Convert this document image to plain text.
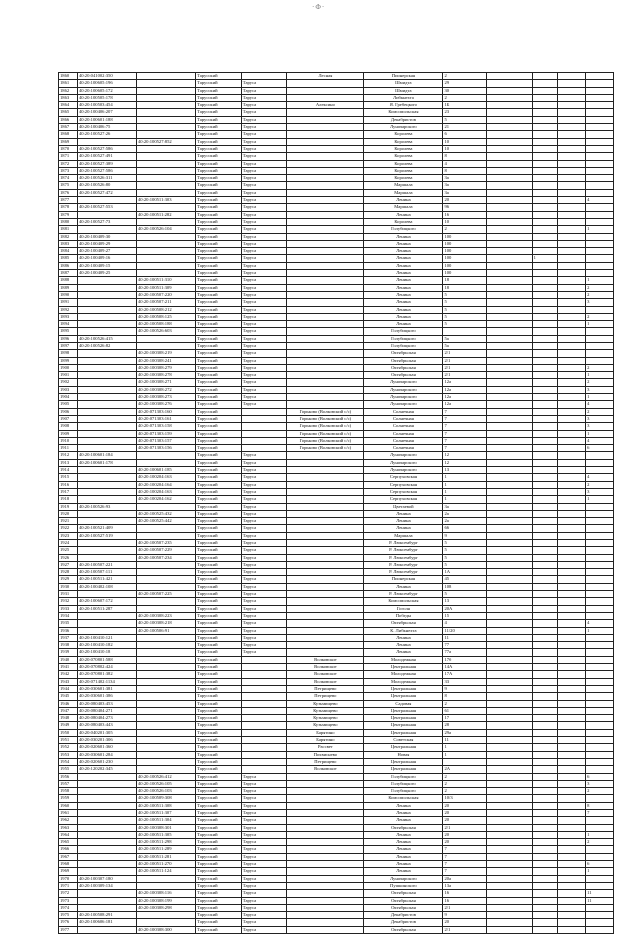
·Ф·
1860	40:20:041002:350		Тарусский		Лесная	Пионерская	2				
1861	40:20:100605:196		Тарусский	Таруса		Шмидта	29				
1862	40:20:100605:172		Тарусский	Таруса		Шмидта	30				
1863	40:20:100505:178		Тарусский	Таруса		Либкнехта	2				
1864	40:20:100503:454		Тарусский	Таруса	Алексино	Я. Гребецкого	1Б				
1865	40:20:100406:207		Тарусский	Таруса		Комсомольская	23				
1866	40:20:100601:188		Тарусский	Таруса		Декабристов	5				
1867	40:20:100406:75		Тарусский	Таруса		Луначарского	21				
1868	40:20:100527:26		Тарусский	Таруса		Королева	6				
1869		40:20:100527:852	Тарусский	Таруса		Королева	10				
1870	40:20:100527:586		Тарусский	Таруса		Королева	10				
1871	40:20:100527:491		Тарусский	Таруса		Королева	8				
1872	40:20:100527:389		Тарусский	Таруса		Королева	4				
1873	40:20:100527:586		Тарусский	Таруса		Королева	8				
1874	40:20:100526:311		Тарусский	Таруса		Королева	3а				
1875	40:20:100526:80		Тарусский	Таруса		Маршала	3а				
1876	40:20:100527:472		Тарусский	Таруса		Маршала	3а				
1877		40:20:100511:303	Тарусский	Таруса		Ленина	20				4
1878	40:20:100527:553		Тарусский	Таруса		Маршала	96				
1879		40:20:100511:282	Тарусский	Таруса		Ленина	16				
1880	40:20:100527:73		Тарусский	Таруса		Королева	10				
1881		40:20:100526:104	Тарусский	Таруса		Голубицкого	2				1
1882	40:20:100409:30		Тарусский	Таруса		Ленина	100				
1883	40:20:100409:29		Тарусский	Таруса		Ленина	100				
1884	40:20:100409:27		Тарусский	Таруса		Ленина	100				
1885	40:20:100409:16		Тарусский	Таруса		Ленина	100		1		
1886	40:20:100409:15		Тарусский	Таруса		Ленина	100				
1887	40:20:100409:25		Тарусский	Таруса		Ленина	100				
1888		40:20:100511:310	Тарусский	Таруса		Ленина	18				1
1889		40:20:100511:309	Тарусский	Таруса		Ленина	18				2
1890		40:20:100507:220	Тарусский	Таруса		Ленина	5				2
1891		40:20:100507:211	Тарусский	Таруса		Ленина	5				3
1892		40:20:100508:212	Тарусский	Таруса		Ленина	5				
1893		40:20:100508:125	Тарусский	Таруса		Ленина	5				2
1894		40:20:100508:188	Тарусский	Таруса		Ленина	5				1
1895		40:20:100526:603	Тарусский	Таруса		Голубицкого					
1896	40:20:100526:415		Тарусский	Таруса		Голубицкого	5а				
1897	40:20:100526:82		Тарусский	Таруса		Голубицкого	5а				
1898		40:20:100308:219	Тарусский	Таруса		Октябрьская	2/1				
1899		40:20:100308:241	Тарусский	Таруса		Октябрьская	2/1				
1900		40:20:100308:279	Тарусский	Таруса		Октябрьская	2/1				2
1901		40:20:100308:278	Тарусский	Таруса		Октябрьская	2/1				1
1902		40:20:100308:271	Тарусский	Таруса		Луначарского	12а				2
1903		40:20:100308:272	Тарусский	Таруса		Луначарского	12а				3
1904		40:20:100308:273	Тарусский	Таруса		Луначарского	12а				1
1905		40:20:100308:276	Тарусский	Таруса		Луначарского	12а				4
1906		40:20:071303:160	Тарусский		Горьково (Волковский с/с)	Солнечная	7				2
1907		40:20:071303:161	Тарусский		Горьково (Волковский с/с)	Солнечная	7				3
1908		40:20:071303:158	Тарусский		Горьково (Волковский с/с)	Солнечная	7				3
1909		40:20:071303:159	Тарусский		Горьково (Волковский с/с)	Солнечная	7				1
1910		40:20:071303:157	Тарусский		Горьково (Волковский с/с)	Солнечная	7				4
1911		40:20:071303:156	Тарусский		Горьково (Волковский с/с)	Солнечная	7				6
1912	40:20:100601:184		Тарусский	Таруса		Луначарского	12				
1913	40:20:100601:178		Тарусский	Таруса		Луначарского	12				
1914		40:20:100601:185	Тарусский	Таруса		Луначарского	13				
1915		40:20:100204:163	Тарусский	Таруса		Серпуховская	1				4
1916		40:20:100204:164	Тарусский	Таруса		Серпуховская	1				2
1917		40:20:100204:163	Тарусский	Таруса		Серпуховская	1				3
1918		40:20:100204:162	Тарусский	Таруса		Серпуховская	1				1
1919	40:20:100526:93		Тарусский	Таруса		Цветаевой	3а				
1920		40:20:100525:432	Тарусский	Таруса		Ленина	2а				
1921		40:20:100525:442	Тарусский	Таруса		Ленина	2а				
1922	40:20:100521:409		Тарусский	Таруса		Ленина	66				
1923	40:20:100527:519		Тарусский	Таруса		Маршала	9				
1924		40:20:100507:235	Тарусский	Таруса		Р. Люксембург	5				
1925		40:20:100507:229	Тарусский	Таруса		Р. Люксембург	5				
1926		40:20:100507:234	Тарусский	Таруса		Р. Люксембург	5				
1927	40:20:100507:221		Тарусский	Таруса		Р. Люксембург	5				
1928	40:20:100507:111		Тарусский	Таруса		Р. Люксембург	1А				
1929	40:20:100511:421		Тарусский	Таруса		Пионерская	45				
1930	40:20:100402:108		Тарусский	Таруса		Ленина	108				
1931		40:20:100507:225	Тарусский	Таруса		Р. Люксембург	5				
1932	40:20:100607:172		Тарусский	Таруса		Комсомольская	13				
1933	40:20:100511:287		Тарусский	Таруса		Гоголя	20А				
1934		40:20:100308:223	Тарусский	Таруса		Победы	15				
1935		40:20:100308:218	Тарусский	Таруса		Октябрьская	4				4
1936		40:20:100506:91	Тарусский	Таруса		К. Либкнехта	11/20				1
1937	40:20:100410:121		Тарусский	Таруса		Ленина	11				
1938	40:20:100410:182		Тарусский	Таруса		Ленина	77				
1939	40:20:100410:18		Тарусский	Таруса		Ленина	77а				
1940	40:20:070801:588		Тарусский		Волковское	Молодежная	17б				
1941	40:20:070802:424		Тарусский		Волковское	Центральная	14А				
1942	40:20:070801:382		Тарусский		Волковское	Молодежная	17А				
1943	40:20:071402:1134		Тарусский		Волковское	Молодежная	33				
1944	40:20:030601:381		Тарусский		Петрищево	Центральная	9				
1945	40:20:030601:386		Тарусский		Петрищево	Центральная	8				
1946	40:20:080403:453		Тарусский		Кузьмищево	Садовая	2				
1947	40:20:080404:271		Тарусский		Кузьмищево	Центральная	61				
1948	40:20:080404:273		Тарусский		Кузьмищево	Центральная	17				
1949	40:20:080403:443		Тарусский		Кузьмищево	Центральная	28				
1950	40:20:040201:305		Тарусский		Барятино	Центральная	29а				
1951	40:20:030201:306		Тарусский		Барятино	Советская	11				
1952	40:20:020601:360		Тарусский		Рассвет	Центральная	1				
1953	40:20:030601:284		Тарусский		Похвиснево	Новая	1				
1954	40:20:020601:230		Тарусский		Петрищево	Центральная					
1955	40:20:120202:345		Тарусский		Волковское	Центральная	2А				
1956		40:20:100526:412	Тарусский	Таруса		Голубицкого	2				6
1957		40:20:100526:105	Тарусский	Таруса		Голубицкого	2				3
1958		40:20:100526:103	Тарусский	Таруса		Голубицкого	2				2
1959		40:20:100509:308	Тарусский	Таруса		Комсомольская	10/3				
1960		40:20:100511:308	Тарусский	Таруса		Ленина	20				8
1961		40:20:100511:307	Тарусский	Таруса		Ленина	20				7
1962		40:20:100511:304	Тарусский	Таруса		Ленина	20				
1963		40:20:100308:301	Тарусский	Таруса		Октябрьская	2/1				
1964		40:20:100511:305	Тарусский	Таруса		Ленина	20				1
1965		40:20:100511:298	Тарусский	Таруса		Ленина	20				2
1966		40:20:100511:289	Тарусский	Таруса		Ленина	7				
1967		40:20:100511:281	Тарусский	Таруса		Ленина	7				
1968		40:20:100511:270	Тарусский	Таруса		Ленина	7				6
1969		40:20:100511:124	Тарусский	Таруса		Ленина	7				1
1970	40:20:100307:180		Тарусский	Таруса		Луначарского	20а				
1971	40:20:100309:134		Тарусский	Таруса		Пушкинского	13а				
1972		40:20:100308:116	Тарусский	Таруса		Октябрьская	16				11
1973		40:20:100308:199	Тарусский	Таруса		Октябрьская	16				11
1974		40:20:100308:298	Тарусский	Таруса		Октябрьская	2/1				
1975	40:20:100508:291		Тарусский	Таруса		Декабристов	9				
1976	40:20:100606:181		Тарусский	Таруса		Декабристов	20				
1977		40:20:100308:300	Тарусский	Таруса		Октябрьская	2/1				
